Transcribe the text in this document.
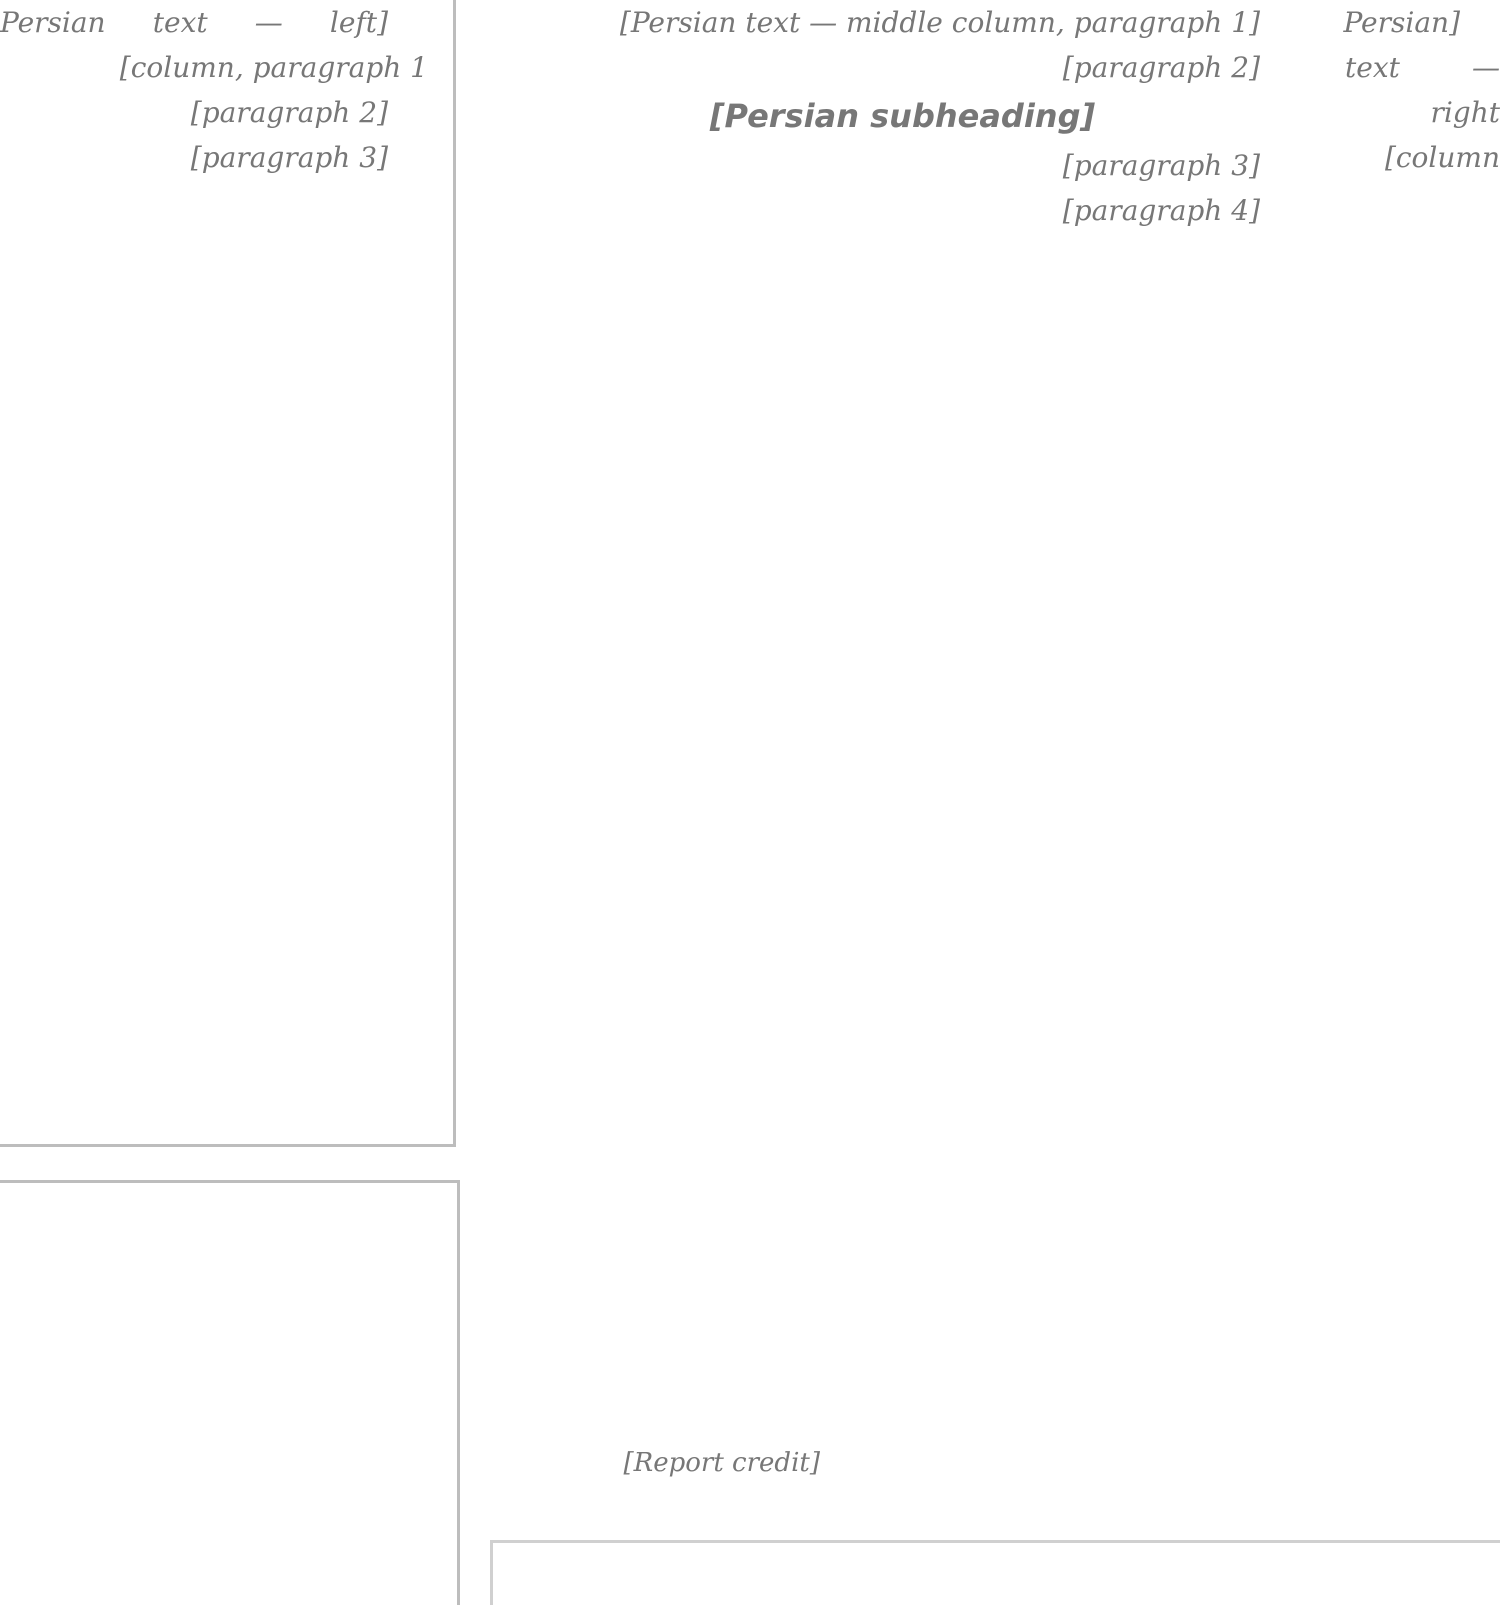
[Persian text — left column, paragraph 1]

[paragraph 2]

[paragraph 3]

[Persian text — middle column, paragraph 1]

[paragraph 2]

[Persian subheading]

[paragraph 3]

[paragraph 4]

[Persian text — right column]

[Report credit]
